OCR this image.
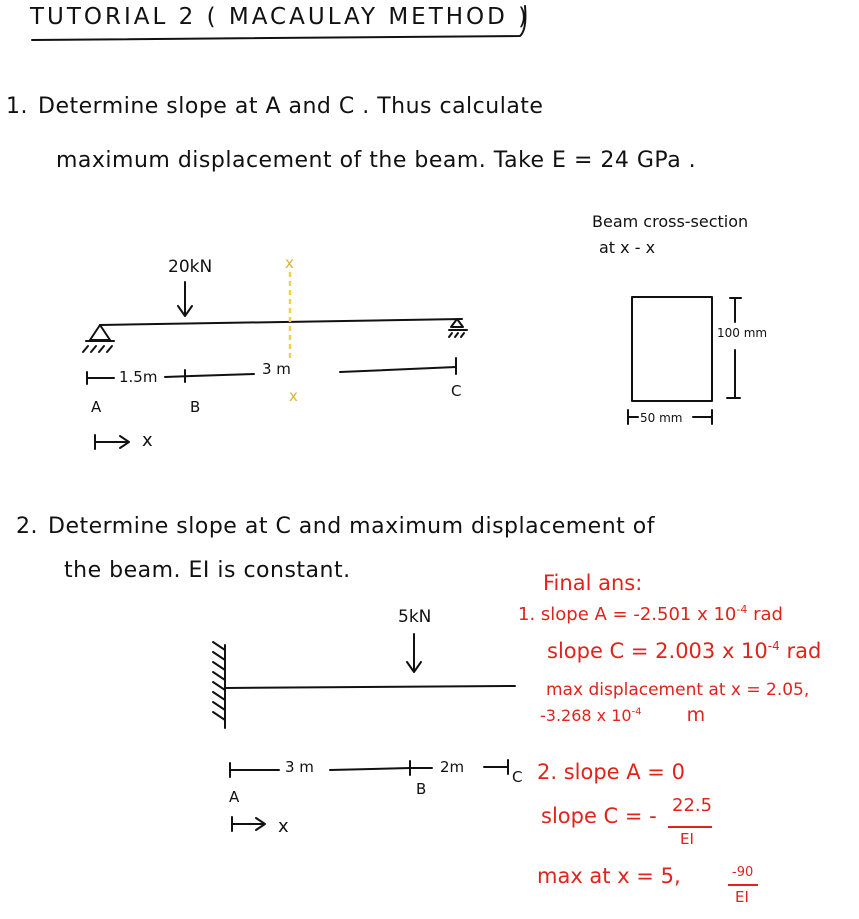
TUTORIAL 2 ( MACAULAY METHOD )
1. Determine slope at A and C . Thus calculate
maximum displacement of the beam. Take E = 24 GPa .
20kN	x
1.5m	3 m
x
A	B
C
x
Beam cross-section
at x - x
100 mm
50 mm
2. Determine slope at C and maximum displacement of
the beam. EI is constant.
5kN
3 m	2m
A	B
C
x
Final ans:
1. slope A = -2.501 x $10^{-4}$ rad
slope C = 2.003 x $10^{-4}$ rad
max displacement at x = 2.05,
-3.268 x $10^{-4}$ m
2. slope A = 0
slope C = - 22.5
EI
max at x = 5,	-90
EI
